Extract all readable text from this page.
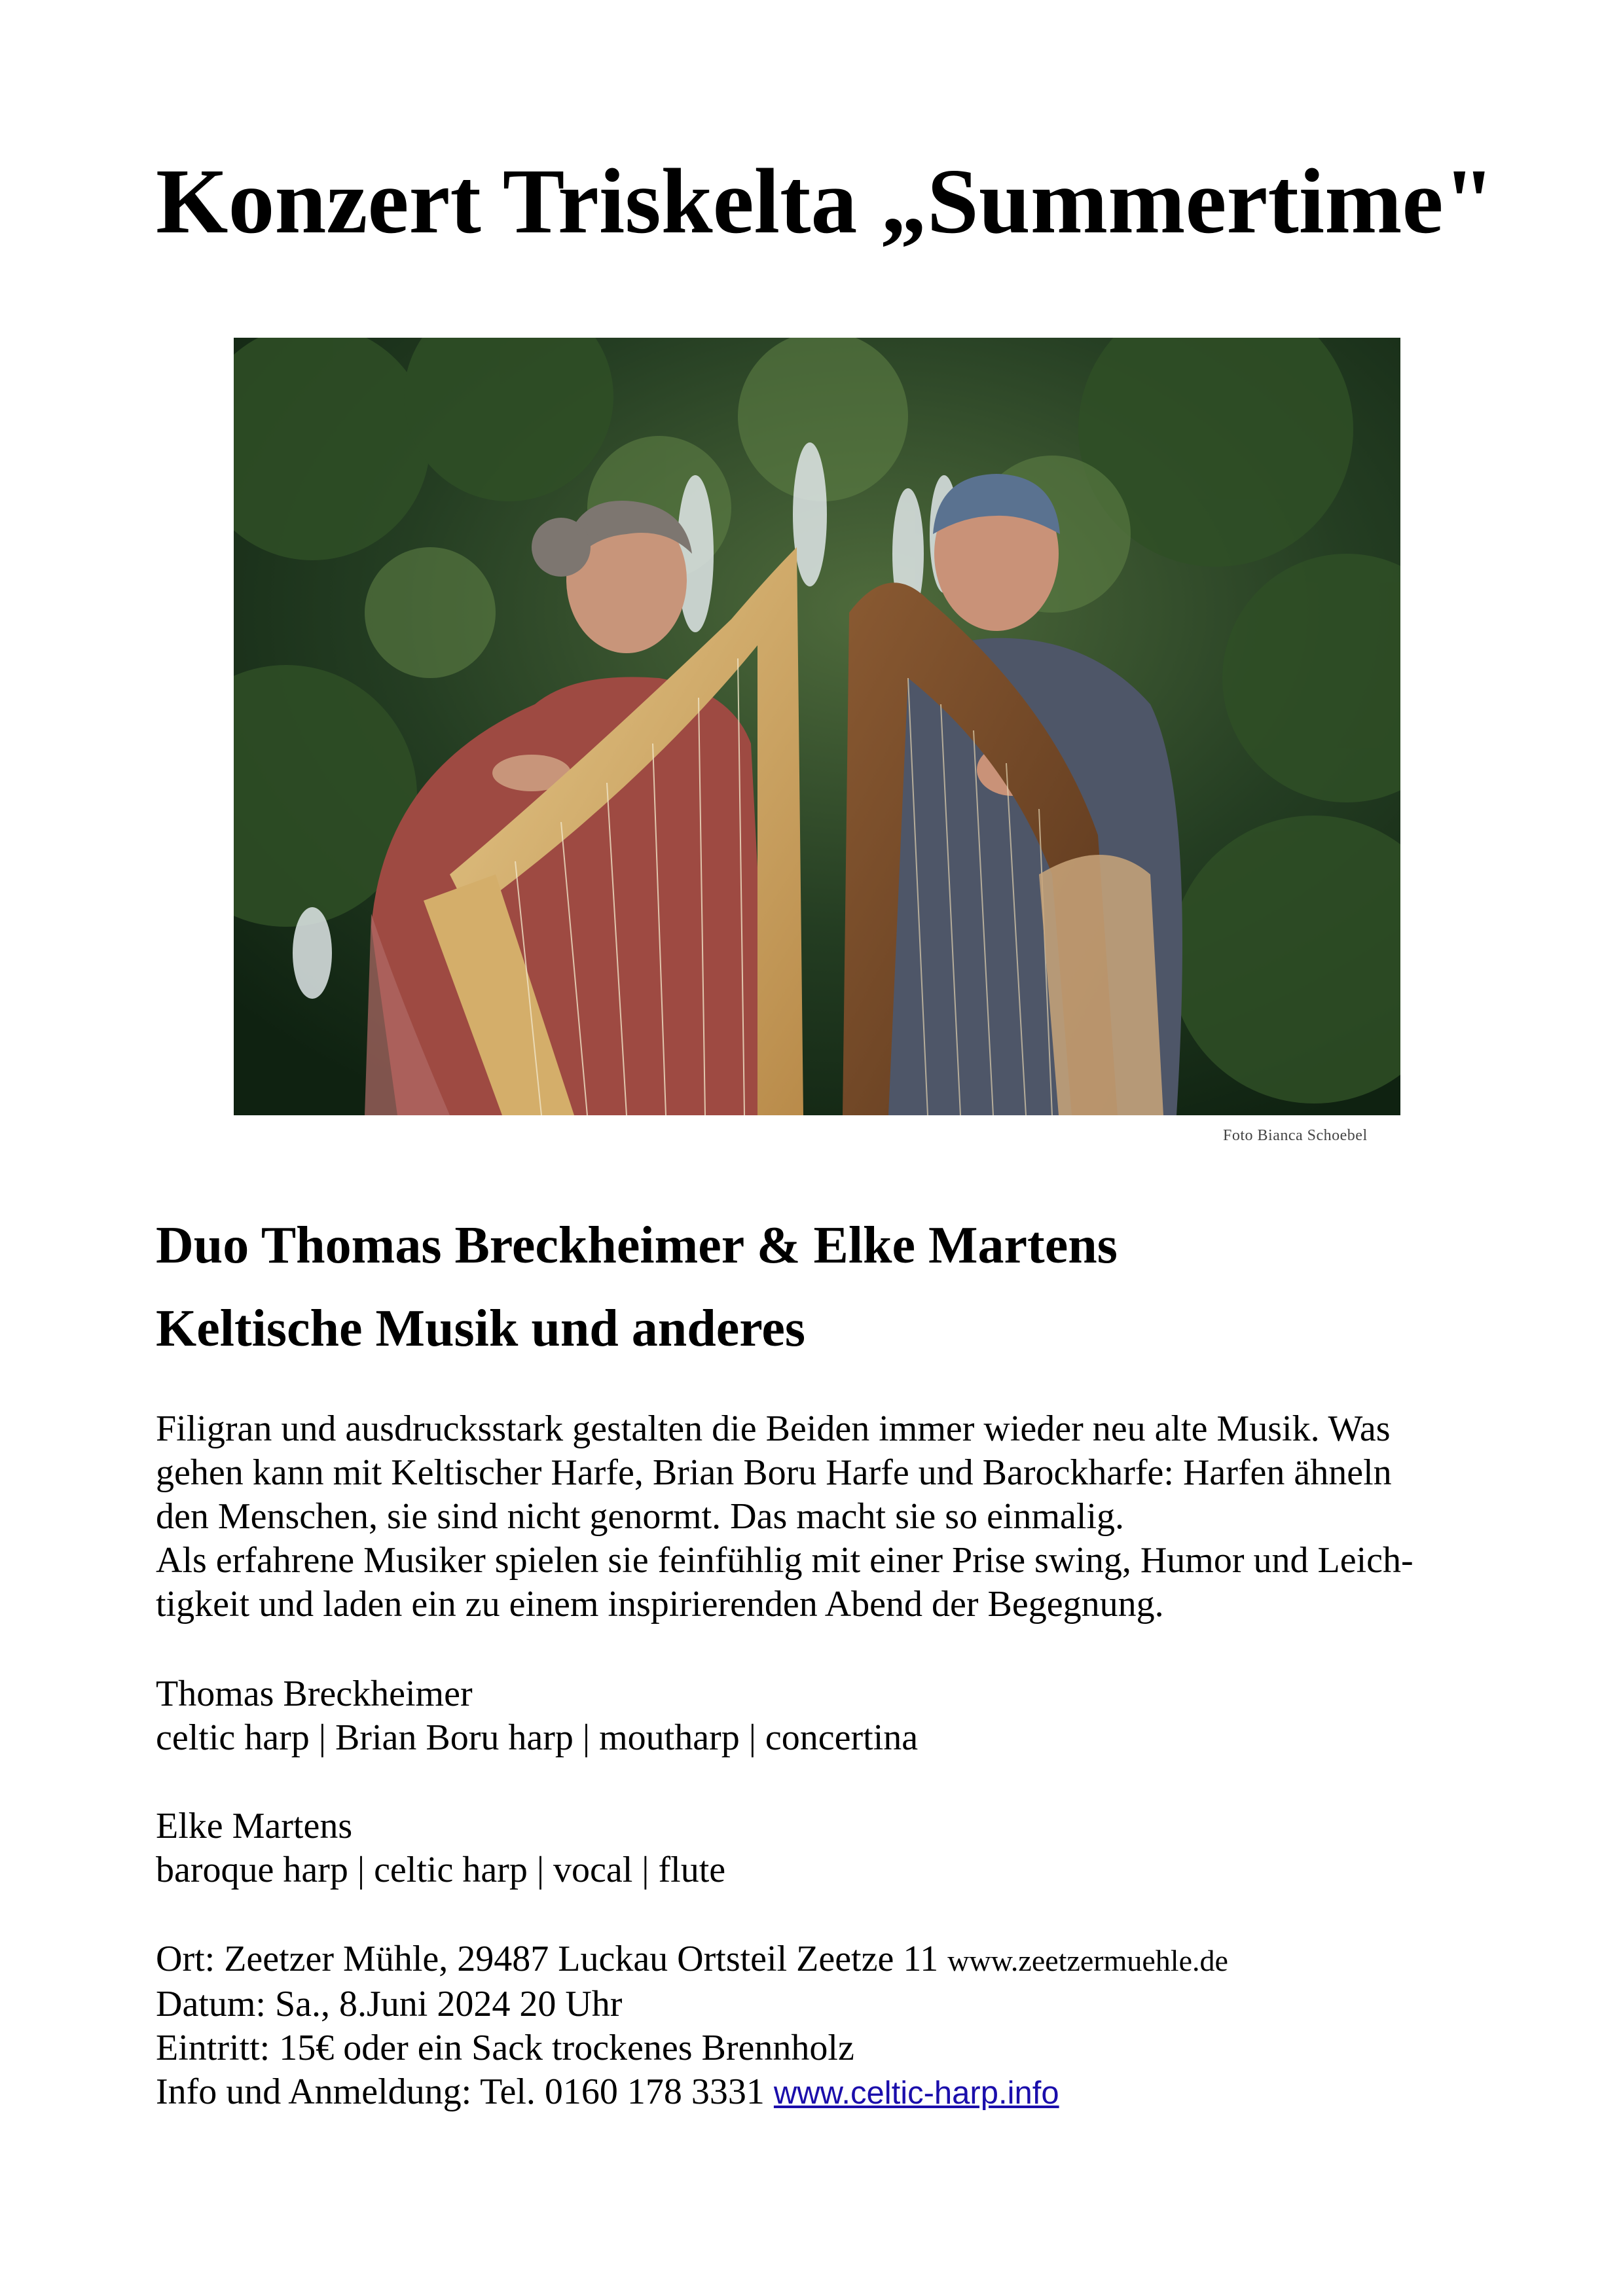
Konzert Triskelta „Summertime"
Foto Bianca Schoebel
Duo Thomas Breckheimer & Elke Martens
Keltische Musik und anderes

Filigran und ausdrucksstark gestalten die Beiden immer wieder neu alte Musik. Was

gehen kann mit Keltischer Harfe, Brian Boru Harfe und Barockharfe: Harfen ähneln

den Menschen, sie sind nicht genormt. Das macht sie so einmalig.

Als erfahrene Musiker spielen sie feinfühlig mit einer Prise swing, Humor und Leich-

tigkeit und laden ein zu einem inspirierenden Abend der Begegnung.

Thomas Breckheimer

celtic harp | Brian Boru harp | moutharp | concertina

Elke Martens

baroque harp | celtic harp | vocal | flute

Ort: Zeetzer Mühle, 29487 Luckau Ortsteil Zeetze 11 www.zeetzermuehle.de

Datum: Sa., 8.Juni 2024 20 Uhr

Eintritt: 15€ oder ein Sack trockenes Brennholz

Info und Anmeldung: Tel. 0160 178 3331 www.celtic-harp.info
